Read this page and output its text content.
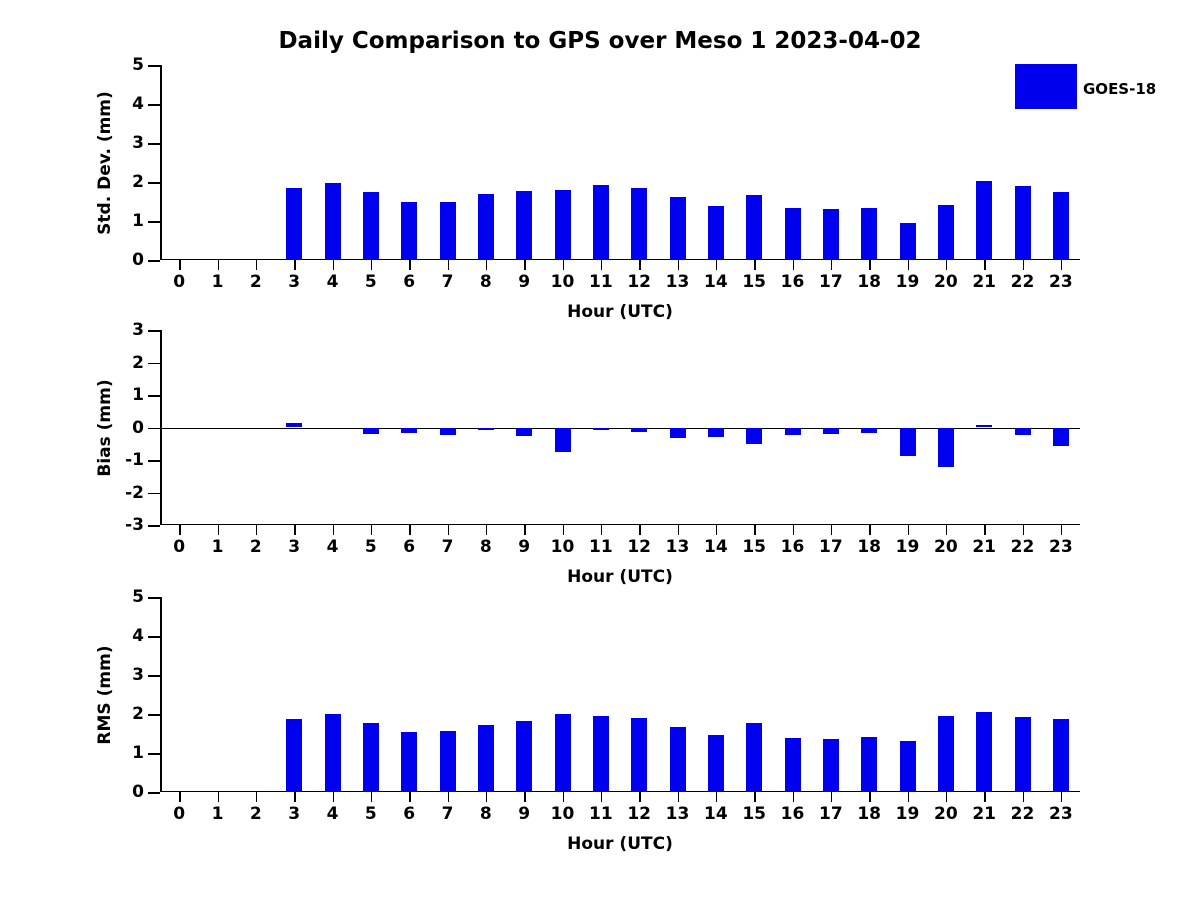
Daily Comparison to GPS over Meso 1 2023-04-02
GOES-18
0
1
2
3
4
5
0 1 2 3 4 5 6 7 8 9 10 11 12 13 14 15 16 17 18 19 20 21 22 23
Hour (UTC)
Std. Dev. (mm)
-3
-2
-1
0
1
2
3
0 1 2 3 4 5 6 7 8 9 10 11 12 13 14 15 16 17 18 19 20 21 22 23
Hour (UTC)
Bias (mm)
0
1
2
3
4
5
0 1 2 3 4 5 6 7 8 9 10 11 12 13 14 15 16 17 18 19 20 21 22 23
Hour (UTC)
RMS (mm)
